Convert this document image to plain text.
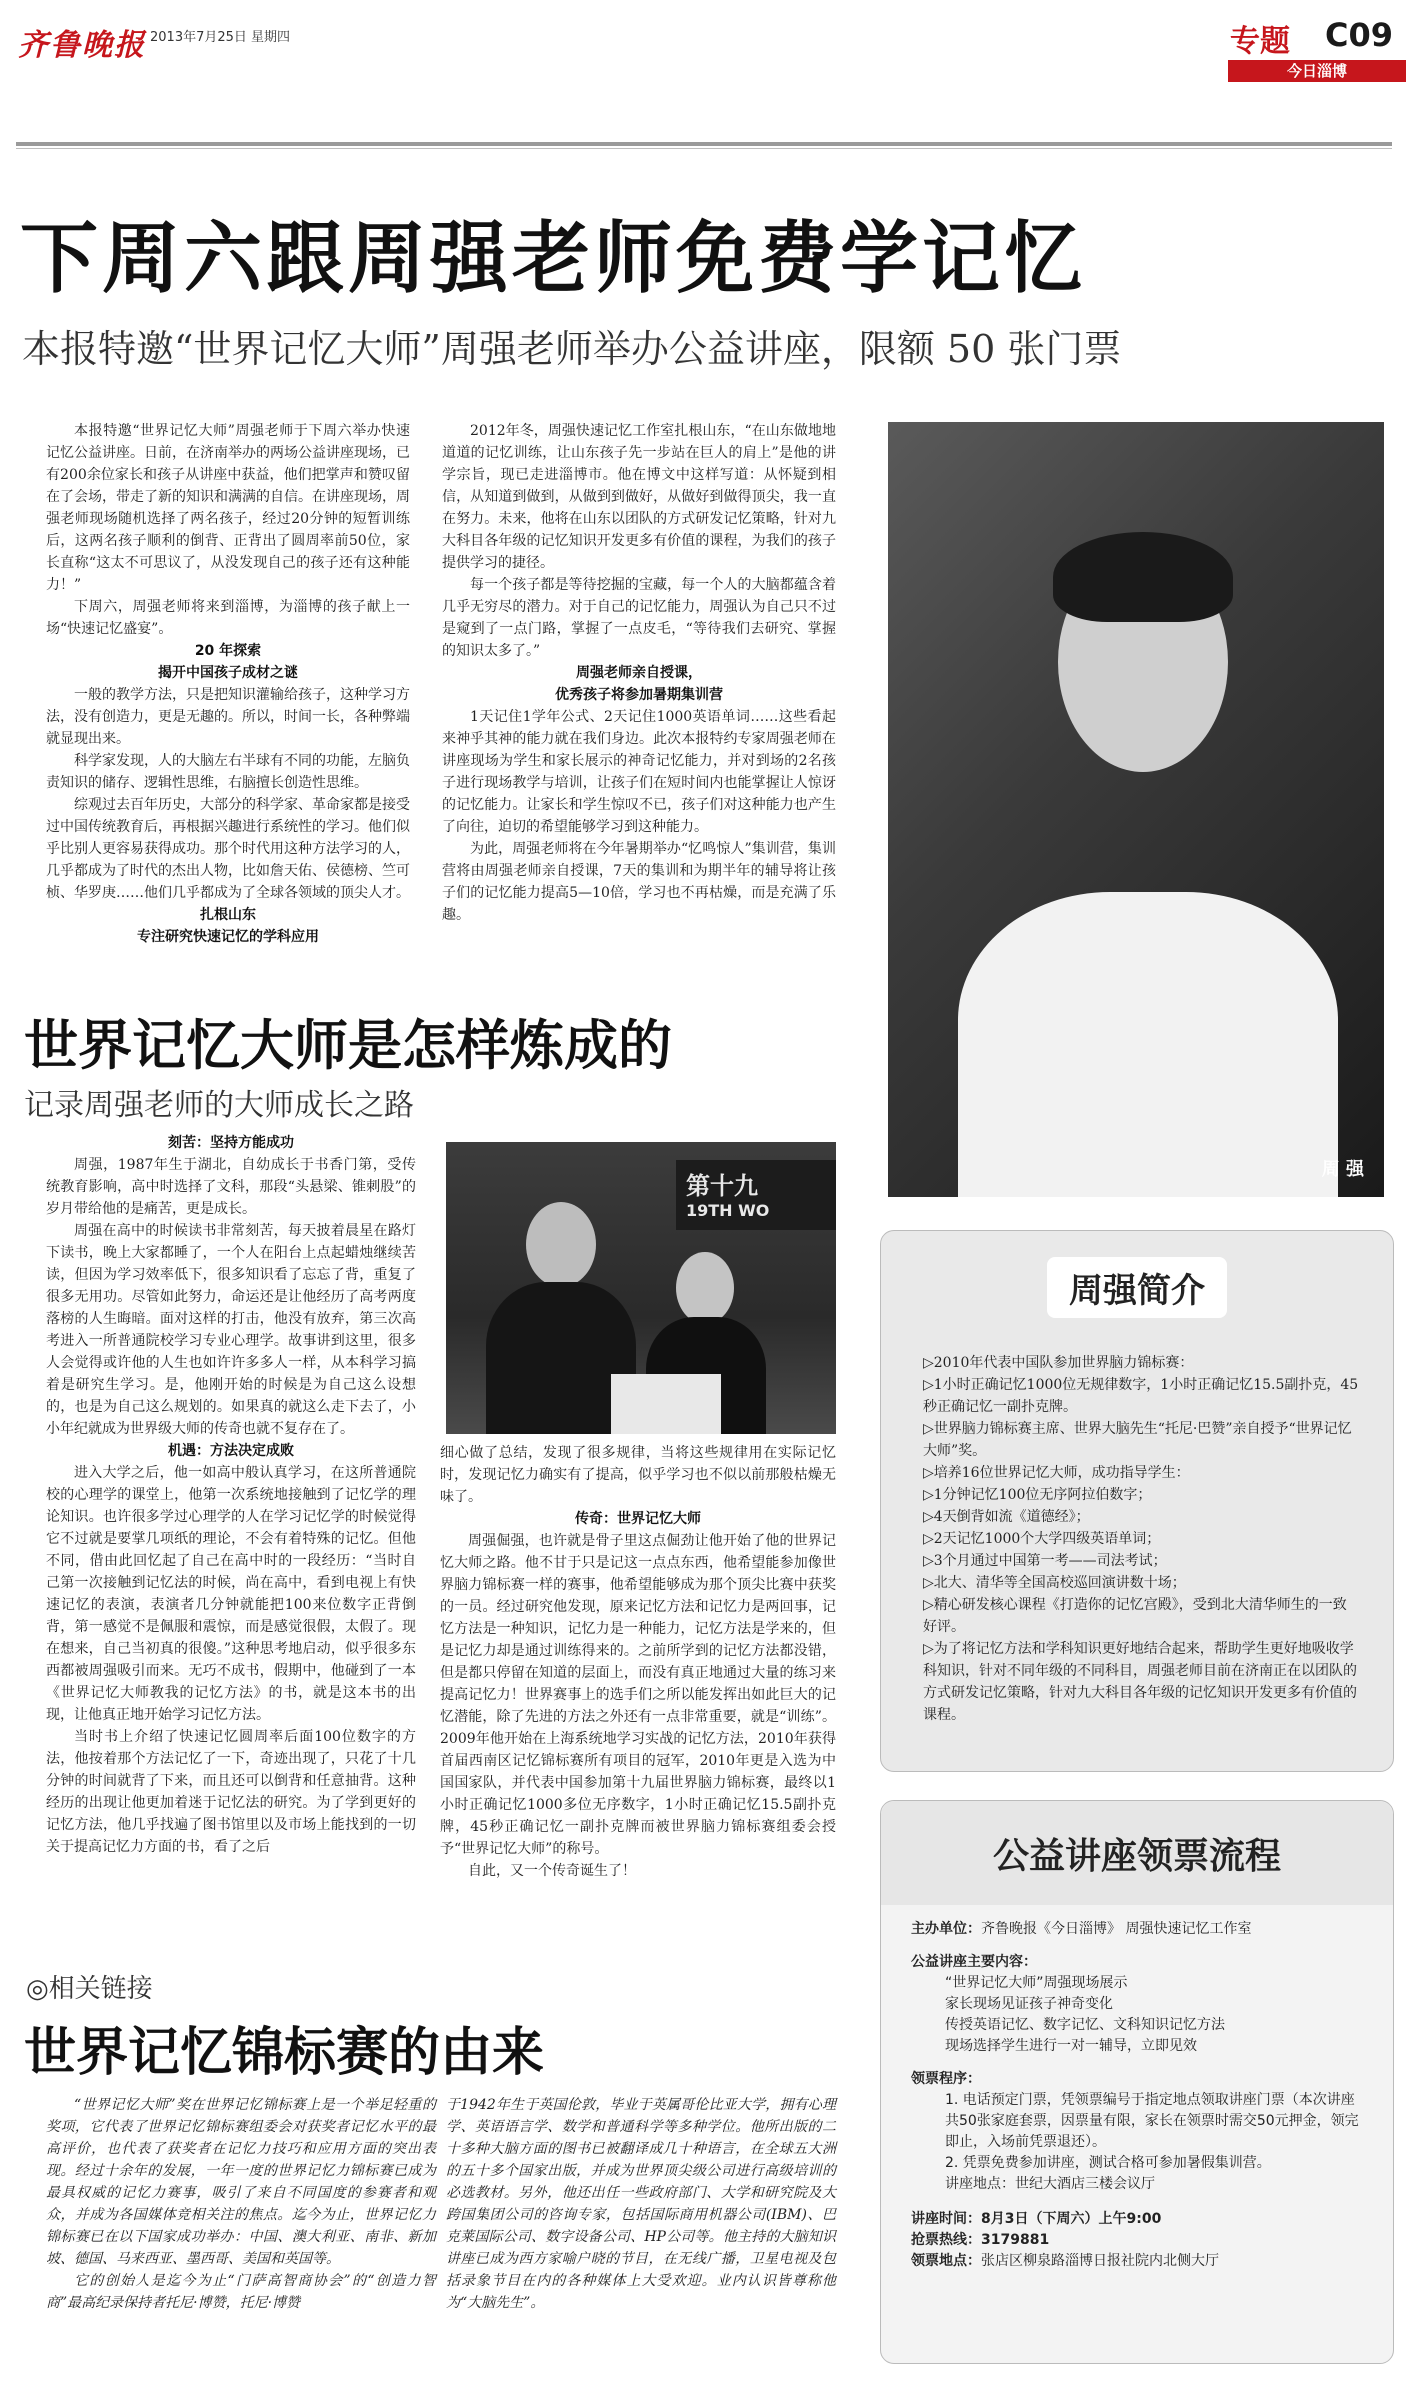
齐鲁晚报 2013年7月25日 星期四	专题 C09
今日淄博
下周六跟周强老师免费学记忆
本报特邀“世界记忆大师”周强老师举办公益讲座，限额 50 张门票

本报特邀“世界记忆大师”周强老师于下周六举办快速记忆公益讲座。日前，在济南举办的两场公益讲座现场，已有200余位家长和孩子从讲座中获益，他们把掌声和赞叹留在了会场，带走了新的知识和满满的自信。在讲座现场，周强老师现场随机选择了两名孩子，经过20分钟的短暂训练后，这两名孩子顺利的倒背、正背出了圆周率前50位，家长直称“这太不可思议了，从没发现自己的孩子还有这种能力！”

下周六，周强老师将来到淄博，为淄博的孩子献上一场“快速记忆盛宴”。

20 年探索

揭开中国孩子成材之谜

一般的教学方法，只是把知识灌输给孩子，这种学习方法，没有创造力，更是无趣的。所以，时间一长，各种弊端就显现出来。

科学家发现，人的大脑左右半球有不同的功能，左脑负责知识的储存、逻辑性思维，右脑擅长创造性思维。

综观过去百年历史，大部分的科学家、革命家都是接受过中国传统教育后，再根据兴趣进行系统性的学习。他们似乎比别人更容易获得成功。那个时代用这种方法学习的人，几乎都成为了时代的杰出人物，比如詹天佑、侯德榜、竺可桢、华罗庚……他们几乎都成为了全球各领域的顶尖人才。

扎根山东

专注研究快速记忆的学科应用

2012年冬，周强快速记忆工作室扎根山东，“在山东做地地道道的记忆训练，让山东孩子先一步站在巨人的肩上”是他的讲学宗旨，现已走进淄博市。他在博文中这样写道：从怀疑到相信，从知道到做到，从做到到做好，从做好到做得顶尖，我一直在努力。未来，他将在山东以团队的方式研发记忆策略，针对九大科目各年级的记忆知识开发更多有价值的课程，为我们的孩子提供学习的捷径。

每一个孩子都是等待挖掘的宝藏，每一个人的大脑都蕴含着几乎无穷尽的潜力。对于自己的记忆能力，周强认为自己只不过是窥到了一点门路，掌握了一点皮毛，“等待我们去研究、掌握的知识太多了。”

周强老师亲自授课，

优秀孩子将参加暑期集训营

1天记住1学年公式、2天记住1000英语单词……这些看起来神乎其神的能力就在我们身边。此次本报特约专家周强老师在讲座现场为学生和家长展示的神奇记忆能力，并对到场的2名孩子进行现场教学与培训，让孩子们在短时间内也能掌握让人惊讶的记忆能力。让家长和学生惊叹不已，孩子们对这种能力也产生了向往，迫切的希望能够学习到这种能力。

为此，周强老师将在今年暑期举办“忆鸣惊人”集训营，集训营将由周强老师亲自授课，7天的集训和为期半年的辅导将让孩子们的记忆能力提高5—10倍，学习也不再枯燥，而是充满了乐趣。

周 强
世界记忆大师是怎样炼成的
记录周强老师的大师成长之路

刻苦：坚持方能成功

周强，1987年生于湖北，自幼成长于书香门第，受传统教育影响，高中时选择了文科，那段“头悬梁、锥刺股”的岁月带给他的是痛苦，更是成长。

周强在高中的时候读书非常刻苦，每天披着晨星在路灯下读书，晚上大家都睡了，一个人在阳台上点起蜡烛继续苦读，但因为学习效率低下，很多知识看了忘忘了背，重复了很多无用功。尽管如此努力，命运还是让他经历了高考两度落榜的人生晦暗。面对这样的打击，他没有放弃，第三次高考进入一所普通院校学习专业心理学。故事讲到这里，很多人会觉得或许他的人生也如许许多多人一样，从本科学习搞着是研究生学习。是，他刚开始的时候是为自己这么设想的，也是为自己这么规划的。如果真的就这么走下去了，小小年纪就成为世界级大师的传奇也就不复存在了。

机遇：方法决定成败

进入大学之后，他一如高中般认真学习，在这所普通院校的心理学的课堂上，他第一次系统地接触到了记忆学的理论知识。也许很多学过心理学的人在学习记忆学的时候觉得它不过就是要掌几项纸的理论，不会有着特殊的记忆。但他不同，借由此回忆起了自己在高中时的一段经历：“当时自己第一次接触到记忆法的时候，尚在高中，看到电视上有快速记忆的表演，表演者几分钟就能把100来位数字正背倒背，第一感觉不是佩服和震惊，而是感觉很假，太假了。现在想来，自己当初真的很傻。”这种思考地启动，似乎很多东西都被周强吸引而来。无巧不成书，假期中，他碰到了一本《世界记忆大师教我的记忆方法》的书，就是这本书的出现，让他真正地开始学习记忆方法。

当时书上介绍了快速记忆圆周率后面100位数字的方法，他按着那个方法记忆了一下，奇迹出现了，只花了十几分钟的时间就背了下来，而且还可以倒背和任意抽背。这种经历的出现让他更加着迷于记忆法的研究。为了学到更好的记忆方法，他几乎找遍了图书馆里以及市场上能找到的一切关于提高记忆力方面的书，看了之后

第十九
19TH WO

细心做了总结，发现了很多规律，当将这些规律用在实际记忆时，发现记忆力确实有了提高，似乎学习也不似以前那般枯燥无味了。

传奇：世界记忆大师

周强倔强，也许就是骨子里这点倔劲让他开始了他的世界记忆大师之路。他不甘于只是记这一点点东西，他希望能参加像世界脑力锦标赛一样的赛事，他希望能够成为那个顶尖比赛中获奖的一员。经过研究他发现，原来记忆方法和记忆力是两回事，记忆方法是一种知识，记忆力是一种能力，记忆方法是学来的，但是记忆力却是通过训练得来的。之前所学到的记忆方法都没错，但是都只停留在知道的层面上，而没有真正地通过大量的练习来提高记忆力！世界赛事上的选手们之所以能发挥出如此巨大的记忆潜能，除了先进的方法之外还有一点非常重要，就是“训练”。2009年他开始在上海系统地学习实战的记忆方法，2010年获得首届西南区记忆锦标赛所有项目的冠军，2010年更是入选为中国国家队，并代表中国参加第十九届世界脑力锦标赛，最终以1小时正确记忆1000多位无序数字，1小时正确记忆15.5副扑克牌，45秒正确记忆一副扑克牌而被世界脑力锦标赛组委会授予“世界记忆大师”的称号。

自此，又一个传奇诞生了！

周强简介

▷2010年代表中国队参加世界脑力锦标赛：

▷1小时正确记忆1000位无规律数字，1小时正确记忆15.5副扑克，45秒正确记忆一副扑克牌。

▷世界脑力锦标赛主席、世界大脑先生“托尼·巴赞”亲自授予“世界记忆大师”奖。

▷培养16位世界记忆大师，成功指导学生：

▷1分钟记忆100位无序阿拉伯数字；

▷4天倒背如流《道德经》；

▷2天记忆1000个大学四级英语单词；

▷3个月通过中国第一考——司法考试；

▷北大、清华等全国高校巡回演讲数十场；

▷精心研发核心课程《打造你的记忆宫殿》，受到北大清华师生的一致好评。

▷为了将记忆方法和学科知识更好地结合起来，帮助学生更好地吸收学科知识，针对不同年级的不同科目，周强老师目前在济南正在以团队的方式研发记忆策略，针对九大科目各年级的记忆知识开发更多有价值的课程。

公益讲座领票流程

主办单位：齐鲁晚报《今日淄博》 周强快速记忆工作室

公益讲座主要内容：

“世界记忆大师”周强现场展示

家长现场见证孩子神奇变化

传授英语记忆、数字记忆、文科知识记忆方法

现场选择学生进行一对一辅导，立即见效

领票程序：

1. 电话预定门票，凭领票编号于指定地点领取讲座门票（本次讲座共50张家庭套票，因票量有限，家长在领票时需交50元押金，领完即止，入场前凭票退还）。

2. 凭票免费参加讲座，测试合格可参加暑假集训营。

讲座地点：世纪大酒店三楼会议厅

讲座时间：8月3日（下周六）上午9:00

抢票热线：3179881

领票地点：张店区柳泉路淄博日报社院内北侧大厅

◎相关链接
世界记忆锦标赛的由来

“世界记忆大师”奖在世界记忆锦标赛上是一个举足轻重的奖项，它代表了世界记忆锦标赛组委会对获奖者记忆水平的最高评价，也代表了获奖者在记忆力技巧和应用方面的突出表现。经过十余年的发展，一年一度的世界记忆力锦标赛已成为最具权威的记忆力赛事，吸引了来自不同国度的参赛者和观众，并成为各国媒体竞相关注的焦点。迄今为止，世界记忆力锦标赛已在以下国家成功举办：中国、澳大利亚、南非、新加坡、德国、马来西亚、墨西哥、美国和英国等。

它的创始人是迄今为止“门萨高智商协会”的“创造力智商”最高纪录保持者托尼·博赞，托尼·博赞

于1942年生于英国伦敦，毕业于英属哥伦比亚大学，拥有心理学、英语语言学、数学和普通科学等多种学位。他所出版的二十多种大脑方面的图书已被翻译成几十种语言，在全球五大洲的五十多个国家出版，并成为世界顶尖级公司进行高级培训的必选教材。另外，他还出任一些政府部门、大学和研究院及大跨国集团公司的咨询专家，包括国际商用机器公司(IBM)、巴克莱国际公司、数字设备公司、HP公司等。他主持的大脑知识讲座已成为西方家喻户晓的节目，在无线广播，卫星电视及包括录象节目在内的各种媒体上大受欢迎。业内认识皆尊称他为“大脑先生”。
